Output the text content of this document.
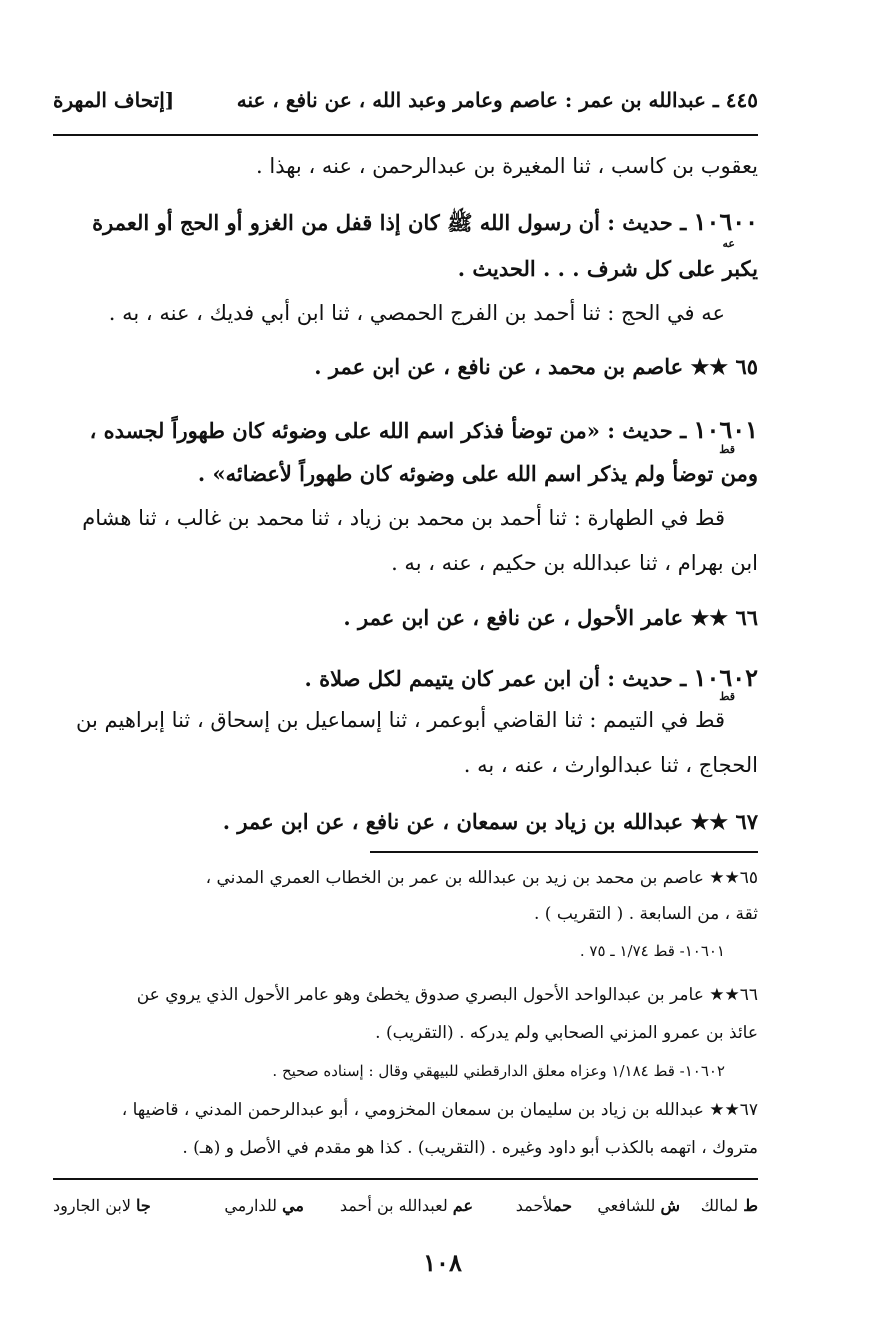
٤٤٥ ـ عبدالله بن عمر : عاصم وعامر وعبد الله ، عن نافع ، عنه
[إتحاف المهرة
يعقوب بن كاسب ، ثنا المغيرة بن عبدالرحمن ، عنه ، بهذا .
١٠٦٠٠ ـ حديث : أن رسول الله ﷺ كان إذا قفل من الغزو أو الحج أو العمرة
عه
يكبر على كل شرف . . . الحديث .
عه في الحج : ثنا أحمد بن الفرج الحمصي ، ثنا ابن أبي فديك ، عنه ، به .
٦٥ ★★ عاصم بن محمد ، عن نافع ، عن ابن عمر .
١٠٦٠١ ـ حديث : «من توضأ فذكر اسم الله على وضوئه كان طهوراً لجسده ،
قط
ومن توضأ ولم يذكر اسم الله على وضوئه كان طهوراً لأعضائه» .
قط في الطهارة : ثنا أحمد بن محمد بن زياد ، ثنا محمد بن غالب ، ثنا هشام
ابن بهرام ، ثنا عبدالله بن حكيم ، عنه ، به .
٦٦ ★★ عامر الأحول ، عن نافع ، عن ابن عمر .
١٠٦٠٢ ـ حديث : أن ابن عمر كان يتيمم لكل صلاة .
قط
قط في التيمم : ثنا القاضي أبوعمر ، ثنا إسماعيل بن إسحاق ، ثنا إبراهيم بن
الحجاج ، ثنا عبدالوارث ، عنه ، به .
٦٧ ★★ عبدالله بن زياد بن سمعان ، عن نافع ، عن ابن عمر .
٦٥★★ عاصم بن محمد بن زيد بن عبدالله بن عمر بن الخطاب العمري المدني ،
ثقة ، من السابعة . ( التقريب ) .
١٠٦٠١- قط ١/٧٤ ـ ٧٥ .
٦٦★★ عامر بن عبدالواحد الأحول البصري صدوق يخطئ وهو عامر الأحول الذي يروي عن
عائذ بن عمرو المزني الصحابي ولم يدركه . (التقريب) .
١٠٦٠٢- قط ١/١٨٤ وعزاه معلق الدارقطني للبيهقي وقال : إسناده صحيح .
٦٧★★ عبدالله بن زياد بن سليمان بن سمعان المخزومي ، أبو عبدالرحمن المدني ، قاضيها ،
متروك ، اتهمه بالكذب أبو داود وغيره . (التقريب) . كذا هو مقدم في الأصل و (هـ) .
ط لمالك
ش للشافعي
حملأحمد
عم لعبدالله بن أحمد
مي للدارمي
جا لابن الجارود
١٠٨
